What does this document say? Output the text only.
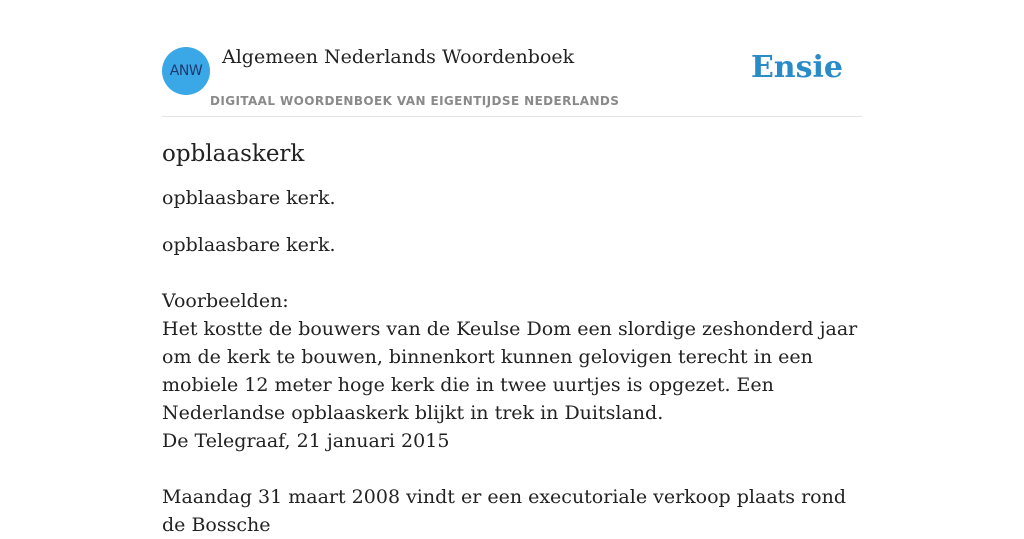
ANW
Algemeen Nederlands Woordenboek
DIGITAAL WOORDENBOEK VAN EIGENTIJDSE NEDERLANDS
Ensie
opblaaskerk

opblaasbare kerk.

opblaasbare kerk.

Voorbeelden:

Het kostte de bouwers van de Keulse Dom een slordige zeshonderd jaar om de kerk te bouwen, binnenkort kunnen gelovigen terecht in een mobiele 12 meter hoge kerk die in twee uurtjes is opgezet. Een Nederlandse opblaaskerk blijkt in trek in Duitsland.

De Telegraaf, 21 januari 2015

Maandag 31 maart 2008 vindt er een executoriale verkoop plaats rond de Bossche
